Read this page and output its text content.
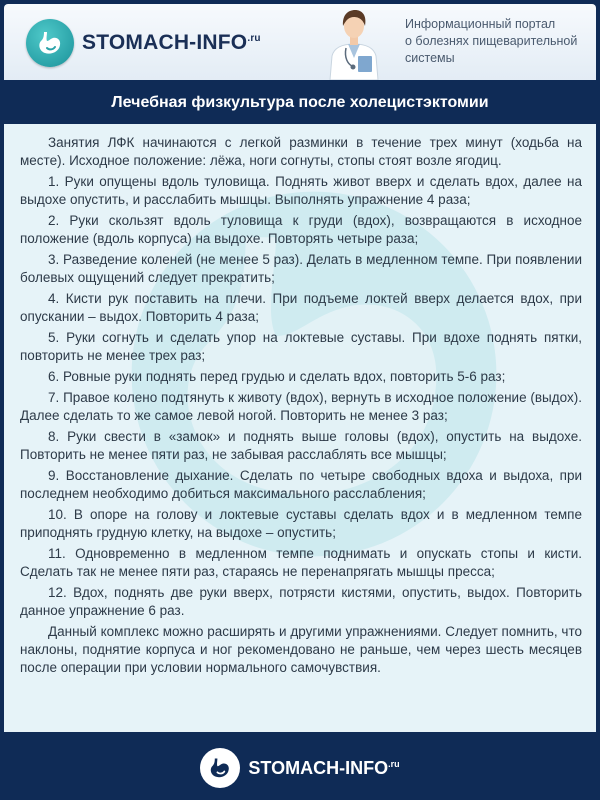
STOMACH-$INFO^{.ru}$
Информационный портал
о болезнях пищеварительной
системы
Лечебная физкультура после холецистэктомии

Занятия ЛФК начинаются с легкой разминки в течение трех минут (ходьба на месте). Исходное положение: лёжа, ноги согнуты, стопы стоят возле ягодиц.

1. Руки опущены вдоль туловища. Поднять живот вверх и сделать вдох, далее на выдохе опустить, и расслабить мышцы. Выполнять упражнение 4 раза;

2. Руки скользят вдоль туловища к груди (вдох), возвращаются в исходное положение (вдоль корпуса) на выдохе. Повторять четыре раза;

3. Разведение коленей (не менее 5 раз). Делать в медленном темпе. При появлении болевых ощущений следует прекратить;

4. Кисти рук поставить на плечи. При подъеме локтей вверх делается вдох, при опускании – выдох. Повторить 4 раза;

5. Руки согнуть и сделать упор на локтевые суставы. При вдохе поднять пятки, повторить не менее трех раз;

6. Ровные руки поднять перед грудью и сделать вдох, повторить 5-6 раз;

7. Правое колено подтянуть к животу (вдох), вернуть в исходное положение (выдох). Далее сделать то же самое левой ногой. Повторить не менее 3 раз;

8. Руки свести в «замок» и поднять выше головы (вдох), опустить на выдохе. Повторить не менее пяти раз, не забывая расслаблять все мышцы;

9. Восстановление дыхание. Сделать по четыре свободных вдоха и выдоха, при последнем необходимо добиться максимального расслабления;

10. В опоре на голову и локтевые суставы сделать вдох и в медленном темпе приподнять грудную клетку, на выдохе – опустить;

11. Одновременно в медленном темпе поднимать и опускать стопы и кисти. Сделать так не менее пяти раз, стараясь не перенапрягать мышцы пресса;

12. Вдох, поднять две руки вверх, потрясти кистями, опустить, выдох. Повторить данное упражнение 6 раз.

Данный комплекс можно расширять и другими упражнениями. Следует помнить, что наклоны, поднятие корпуса и ног рекомендовано не раньше, чем через шесть месяцев после операции при условии нормального самочувствия.

STOMACH-INFO$^{.ru}$
